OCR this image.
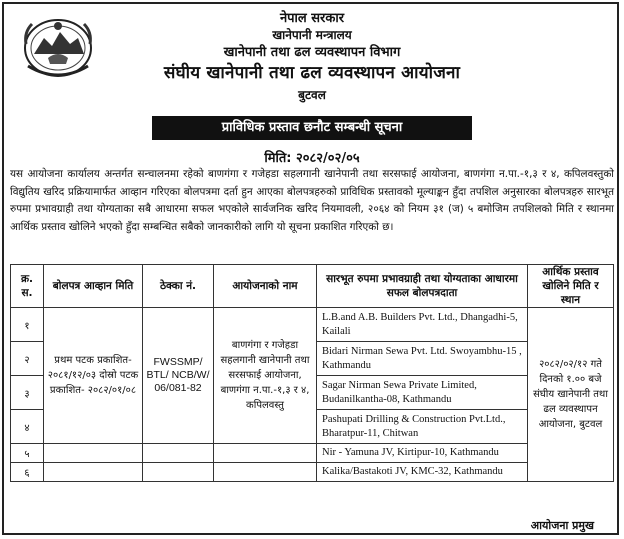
नेपाल सरकार
खानेपानी मन्त्रालय
खानेपानी तथा ढल व्यवस्थापन विभाग
संघीय खानेपानी तथा ढल व्यवस्थापन आयोजना
बुटवल
प्राविधिक प्रस्ताव छनौट सम्बन्धी सूचना
मिति: २०८२/०२/०५
यस आयोजना कार्यालय अन्तर्गत सन्चालनमा रहेको बाणगंगा र गजेहडा सहलगानी खानेपानी तथा सरसफाई आयोजना, बाणगंगा न.पा.-१,३ र ४, कपिलवस्तुको विद्युतिय खरिद प्रक्रियामार्फत आव्हान गरिएका बोलपत्रमा दर्ता हुन आएका बोलपत्रहरुको प्राविधिक प्रस्तावको मूल्याङ्कन हुँदा तपशिल अनुसारका बोलपत्रहरु सारभूत रुपमा प्रभावग्राही तथा योग्यताका सबै आधारमा सफल भएकोले सार्वजनिक खरिद नियमावली, २०६४ को नियम ३१ (ज) ५ बमोजिम तपशिलको मिति र स्थानमा आर्थिक प्रस्ताव खोलिने भएको हुँदा सम्बन्धित सबैको जानकारीको लागि यो सूचना प्रकाशित गरिएको छ।
क्र. स.	बोलपत्र आव्हान मिति	ठेक्का नं.	आयोजनाको नाम	सारभूत रुपमा प्रभावग्राही तथा योग्यताका आधारमा सफल बोलपत्रदाता	आर्थिक प्रस्ताव खोलिने मिति र स्थान
१	प्रथम पटक प्रकाशित- २०८१/१२/०३ दोस्रो पटक प्रकाशित- २०८२/०१/०८	FWSSMP/ BTL/ NCB/W/ 06/081-82	बाणगंगा र गजेहडा सहलगानी खानेपानी तथा सरसफाई आयोजना, बाणगंगा न.पा.-१,३ र ४, कपिलवस्तु	L.B.and A.B. Builders Pvt. Ltd., Dhangadhi-5, Kailali	२०८२/०२/१२ गते दिनको १.०० बजे संघीय खानेपानी तथा ढल व्यवस्थापन आयोजना, बुटवल
२				Bidari Nirman Sewa Pvt. Ltd. Swoyambhu-15 , Kathmandu	
३				Sagar Nirman Sewa Private Limited, Budanilkantha-08, Kathmandu	
४				Pashupati Drilling & Construction Pvt.Ltd., Bharatpur-11, Chitwan	
५				Nir - Yamuna JV, Kirtipur-10, Kathmandu	
६				Kalika/Bastakoti JV, KMC-32, Kathmandu	
आयोजना प्रमुख
